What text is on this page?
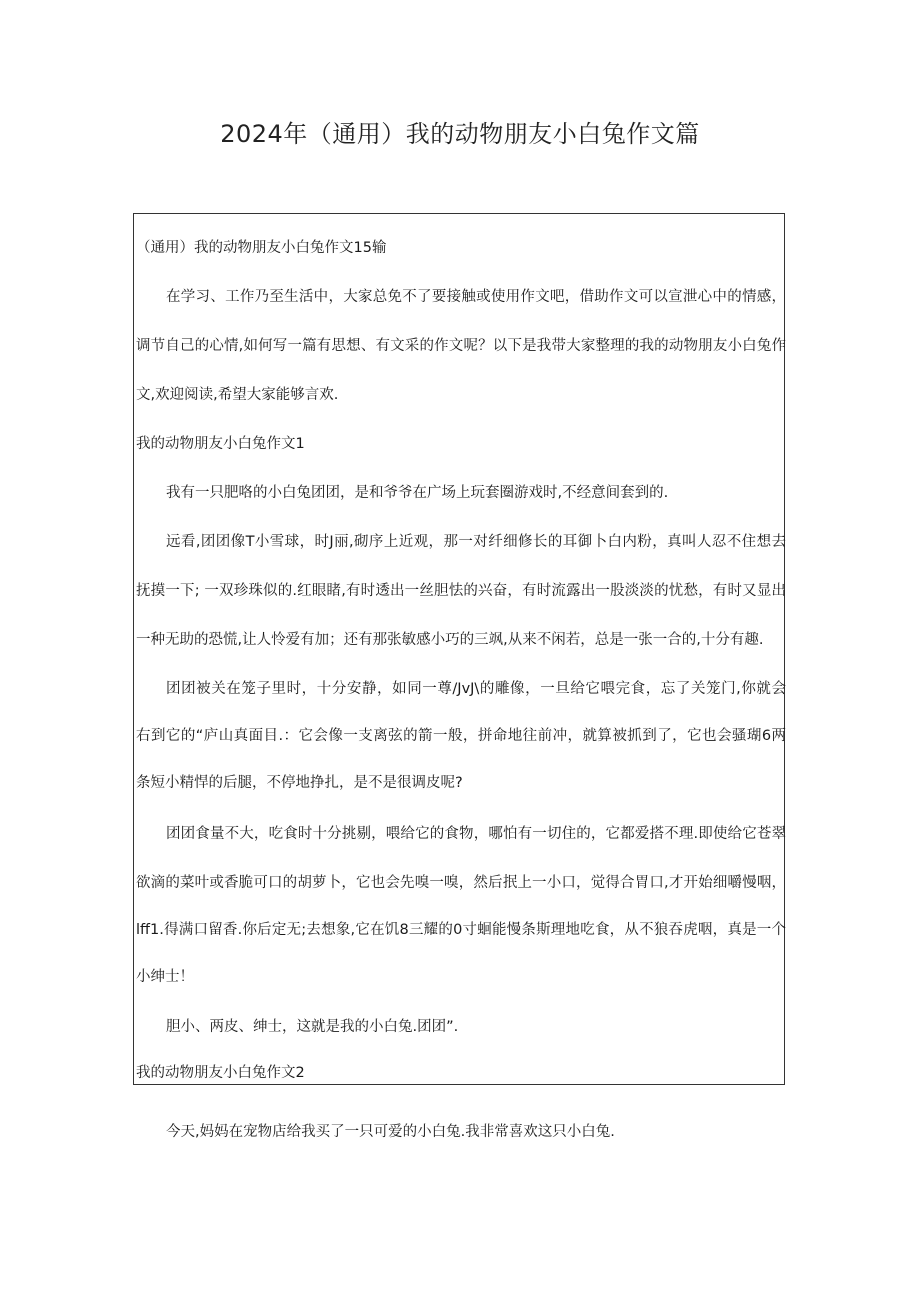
2024年（通用）我的动物朋友小白兔作文篇
（通用）我的动物朋友小白兔作文15输
在学习、工作乃至生活中，大家总免不了要接触或使用作文吧，借助作文可以宣泄心中的情感，
调节自己的心情,如何写一篇有思想、有文采的作文呢？以下是我带大家整理的我的动物朋友小白兔作
文,欢迎阅读,希望大家能够言欢.
我的动物朋友小白兔作文1
我有一只肥咯的小白兔团团，是和爷爷在广场上玩套圈游戏时,不经意间套到的.
远看,团团像T小雪球，时J丽,砌序上近观，那一对纤细修长的耳御卜白内粉，真叫人忍不住想去
抚摸一下; 一双珍珠似的.红眼睹,有时透出一丝胆怯的兴奋，有时流露出一股淡淡的忧愁，有时又显出
一种无助的恐慌,让人怜爱有加；还有那张敏感小巧的三飒,从来不闲若，总是一张一合的,十分有趣.
团团被关在笼子里时，十分安静，如同一尊/JvJ\的雕像，一旦给它喂完食，忘了关笼门,你就会
右到它的“庐山真面目.：它会像一支离弦的箭一般，拼命地往前冲，就算被抓到了，它也会骚瑚6两
条短小精悍的后腿，不停地挣扎，是不是很调皮呢?
团团食量不大，吃食时十分挑剔，喂给它的食物，哪怕有一切住的，它都爱搭不理.即使给它苍翠
欲滴的菜叶或香脆可口的胡萝卜，它也会先嗅一嗅，然后抿上一小口，觉得合胃口,才开始细嚼慢咽，
lff1.得满口留香.你后定无;去想象,它在饥8三耀的0寸蛔能慢条斯理地吃食，从不狼吞虎咽，真是一个
小绅士！
胆小、两皮、绅士，这就是我的小白兔.团团”.
我的动物朋友小白兔作文2
今天,妈妈在宠物店给我买了一只可爱的小白兔.我非常喜欢这只小白兔.
